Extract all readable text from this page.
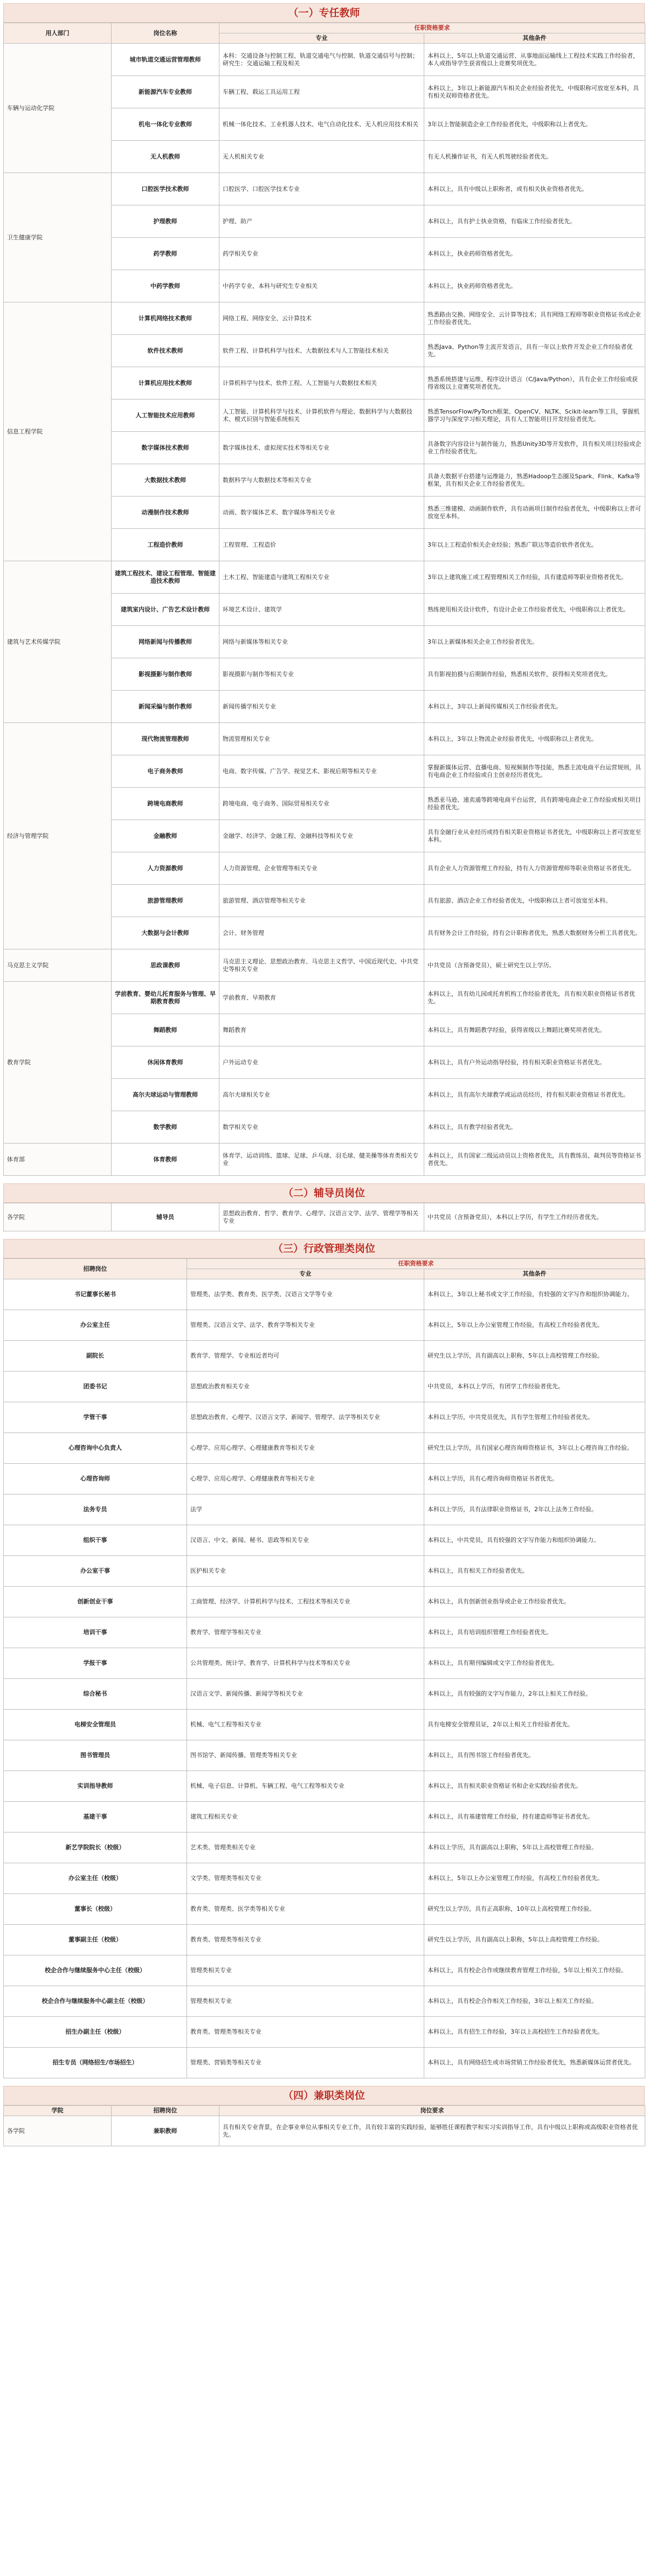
（一）专任教师
用人部门	岗位名称	任职资格要求	
		专业	其他条件
车辆与运动化学院	城市轨道交通运营管理教师	本科：交通设备与控制工程、轨道交通电气与控制、轨道交通信号与控制；研究生：交通运输工程及相关	本科以上，5年以上轨道交通运营、从事地面运输线上工程技术实践工作经验者，本人或指导学生获省级以上竞赛奖项优先。
	新能源汽车专业教师	车辆工程、载运工具运用工程	本科以上，3年以上新能源汽车相关企业经验者优先，中级职称可放宽至本科，具有相关双师资格者优先。
	机电一体化专业教师	机械一体化技术、工业机器人技术、电气自动化技术、无人机应用技术相关	3年以上智能制造企业工作经验者优先，中级职称以上者优先。
	无人机教师	无人机相关专业	有无人机操作证书，有无人机驾驶经验者优先。
卫生健康学院	口腔医学技术教师	口腔医学、口腔医学技术专业	本科以上，具有中级以上职称者，或有相关执业资格者优先。
	护理教师	护理、助产	本科以上，具有护士执业资格，有临床工作经验者优先。
	药学教师	药学相关专业	本科以上，执业药师资格者优先。
	中药学教师	中药学专业、本科与研究生专业相关	本科以上，执业药师资格者优先。
信息工程学院	计算机网络技术教师	网络工程、网络安全、云计算技术	熟悉路由交换、网络安全、云计算等技术；具有网络工程师等职业资格证书或企业工作经验者优先。
	软件技术教师	软件工程、计算机科学与技术、大数据技术与人工智能技术相关	熟悉Java、Python等主流开发语言，具有一年以上软件开发企业工作经验者优先。
	计算机应用技术教师	计算机科学与技术、软件工程、人工智能与大数据技术相关	熟悉系统搭建与运维、程序设计语言（C/Java/Python），具有企业工作经验或获得省级以上竞赛奖项者优先。
	人工智能技术应用教师	人工智能、计算机科学与技术、计算机软件与理论、数据科学与大数据技术、模式识别与智能系统相关	熟悉TensorFlow/PyTorch框架、OpenCV、NLTK、Scikit-learn等工具，掌握机器学习与深度学习相关理论，具有人工智能项目开发经验者优先。
	数字媒体技术教师	数字媒体技术、虚拟现实技术等相关专业	具备数字内容设计与制作能力，熟悉Unity3D等开发软件，具有相关项目经验或企业工作经验者优先。
	大数据技术教师	数据科学与大数据技术等相关专业	具备大数据平台搭建与运维能力，熟悉Hadoop生态圈及Spark、Flink、Kafka等框架，具有相关企业工作经验者优先。
	动漫制作技术教师	动画、数字媒体艺术、数字媒体等相关专业	熟悉三维建模、动画制作软件，具有动画项目制作经验者优先，中级职称以上者可放宽至本科。
	工程造价教师	工程管理、工程造价	3年以上工程造价相关企业经验；熟悉广联达等造价软件者优先。
建筑与艺术传媒学院	建筑工程技术、建设工程管理、智能建造技术教师	土木工程、智能建造与建筑工程相关专业	3年以上建筑施工或工程管理相关工作经验，具有建造师等职业资格者优先。
	建筑室内设计、广告艺术设计教师	环境艺术设计、建筑学	熟练使用相关设计软件，有设计企业工作经验者优先，中级职称以上者优先。
	网络新闻与传播教师	网络与新媒体等相关专业	3年以上新媒体相关企业工作经验者优先。
	影视摄影与制作教师	影视摄影与制作等相关专业	具有影视拍摄与后期制作经验，熟悉相关软件，获得相关奖项者优先。
	新闻采编与制作教师	新闻传播学相关专业	本科以上，3年以上新闻传媒相关工作经验者优先。
经济与管理学院	现代物流管理教师	物流管理相关专业	本科以上，3年以上物流企业经验者优先，中级职称以上者优先。
	电子商务教师	电商、数字传媒、广告学、视觉艺术、影视后期等相关专业	掌握新媒体运营、直播电商、短视频制作等技能，熟悉主流电商平台运营规则，具有电商企业工作经验或自主创业经历者优先。
	跨境电商教师	跨境电商、电子商务、国际贸易相关专业	熟悉亚马逊、速卖通等跨境电商平台运营，具有跨境电商企业工作经验或相关项目经验者优先。
	金融教师	金融学、经济学、金融工程、金融科技等相关专业	具有金融行业从业经历或持有相关职业资格证书者优先，中级职称以上者可放宽至本科。
	人力资源教师	人力资源管理、企业管理等相关专业	具有企业人力资源管理工作经验，持有人力资源管理师等职业资格证书者优先。
	旅游管理教师	旅游管理、酒店管理等相关专业	具有旅游、酒店企业工作经验者优先，中级职称以上者可放宽至本科。
	大数据与会计教师	会计、财务管理	具有财务会计工作经验，持有会计职称者优先，熟悉大数据财务分析工具者优先。
马克思主义学院	思政课教师	马克思主义理论、思想政治教育、马克思主义哲学、中国近现代史、中共党史等相关专业	中共党员（含预备党员），硕士研究生以上学历。
教育学院	学前教育、婴幼儿托育服务与管理、早期教育教师	学前教育、早期教育	本科以上，具有幼儿园或托育机构工作经验者优先，具有相关职业资格证书者优先。
	舞蹈教师	舞蹈教育	本科以上，具有舞蹈教学经验，获得省级以上舞蹈比赛奖项者优先。
	休闲体育教师	户外运动专业	本科以上，具有户外运动指导经验，持有相关职业资格证书者优先。
	高尔夫球运动与管理教师	高尔夫球相关专业	本科以上，具有高尔夫球教学或运动员经历，持有相关职业资格证书者优先。
	数学教师	数学相关专业	本科以上，具有教学经验者优先。
体育部	体育教师	体育学、运动训练、篮球、足球、乒乓球、羽毛球、健美操等体育类相关专业	本科以上，具有国家二级运动员以上资格者优先，具有教练员、裁判员等资格证书者优先。
（二）辅导员岗位
各学院	辅导员	思想政治教育、哲学、教育学、心理学、汉语言文学、法学、管理学等相关专业	中共党员（含预备党员），本科以上学历，有学生工作经历者优先。
（三）行政管理类岗位
招聘岗位	任职资格要求	
	专业	其他条件
书记董事长秘书	管理类、法学类、教育类、医学类、汉语言文学等专业	本科以上，3年以上秘书或文字工作经验，有较强的文字写作和组织协调能力。
办公室主任	管理类、汉语言文学、法学、教育学等相关专业	本科以上，5年以上办公室管理工作经验，有高校工作经验者优先。
副院长	教育学、管理学、专业相近者均可	研究生以上学历，具有副高以上职称，5年以上高校管理工作经验。
团委书记	思想政治教育相关专业	中共党员，本科以上学历，有团学工作经验者优先。
学管干事	思想政治教育、心理学、汉语言文学、新闻学、管理学、法学等相关专业	本科以上学历，中共党员优先，具有学生管理工作经验者优先。
心理咨询中心负责人	心理学、应用心理学、心理健康教育等相关专业	研究生以上学历，具有国家心理咨询师资格证书，3年以上心理咨询工作经验。
心理咨询师	心理学、应用心理学、心理健康教育等相关专业	本科以上学历，具有心理咨询师资格证书者优先。
法务专员	法学	本科以上学历，具有法律职业资格证书，2年以上法务工作经验。
组织干事	汉语言、中文、新闻、秘书、思政等相关专业	本科以上，中共党员，具有较强的文字写作能力和组织协调能力。
办公室干事	医护相关专业	本科以上，具有相关工作经验者优先。
创新创业干事	工商管理、经济学、计算机科学与技术、工程技术等相关专业	本科以上，具有创新创业指导或企业工作经验者优先。
培训干事	教育学、管理学等相关专业	本科以上，具有培训组织管理工作经验者优先。
学报干事	公共管理类、统计学、教育学、计算机科学与技术等相关专业	本科以上，具有期刊编辑或文字工作经验者优先。
综合秘书	汉语言文学、新闻传播、新闻学等相关专业	本科以上，具有较强的文字写作能力，2年以上相关工作经验。
电梯安全管理员	机械、电气工程等相关专业	具有电梯安全管理员证，2年以上相关工作经验者优先。
图书管理员	图书馆学、新闻传播、管理类等相关专业	本科以上，具有图书馆工作经验者优先。
实训指导教师	机械、电子信息、计算机、车辆工程、电气工程等相关专业	本科以上，具有相关职业资格证书和企业实践经验者优先。
基建干事	建筑工程相关专业	本科以上，具有基建管理工作经验，持有建造师等证书者优先。
新艺学院院长（校级）	艺术类、管理类相关专业	本科以上学历，具有副高以上职称，5年以上高校管理工作经验。
办公室主任（校级）	文学类、管理类等相关专业	本科以上，5年以上办公室管理工作经验，有高校工作经验者优先。
董事长（校级）	教育类、管理类、医学类等相关专业	研究生以上学历，具有正高职称，10年以上高校管理工作经验。
董事副主任（校级）	教育类、管理类等相关专业	研究生以上学历，具有副高以上职称，5年以上高校管理工作经验。
校企合作与继续服务中心主任（校级）	管理类相关专业	本科以上，具有校企合作或继续教育管理工作经验，5年以上相关工作经验。
校企合作与继续服务中心副主任（校级）	管理类相关专业	本科以上，具有校企合作相关工作经验，3年以上相关工作经验。
招生办副主任（校级）	教育类、管理类等相关专业	本科以上，具有招生工作经验，3年以上高校招生工作经验者优先。
招生专员（网络招生/市场招生）	管理类、营销类等相关专业	本科以上，具有网络招生或市场营销工作经验者优先，熟悉新媒体运营者优先。
（四）兼职类岗位
学院	招聘岗位	岗位要求
各学院	兼职教师	具有相关专业背景，在企事业单位从事相关专业工作，具有较丰富的实践经验，能够胜任课程教学和实习实训指导工作，具有中级以上职称或高级职业资格者优先。
